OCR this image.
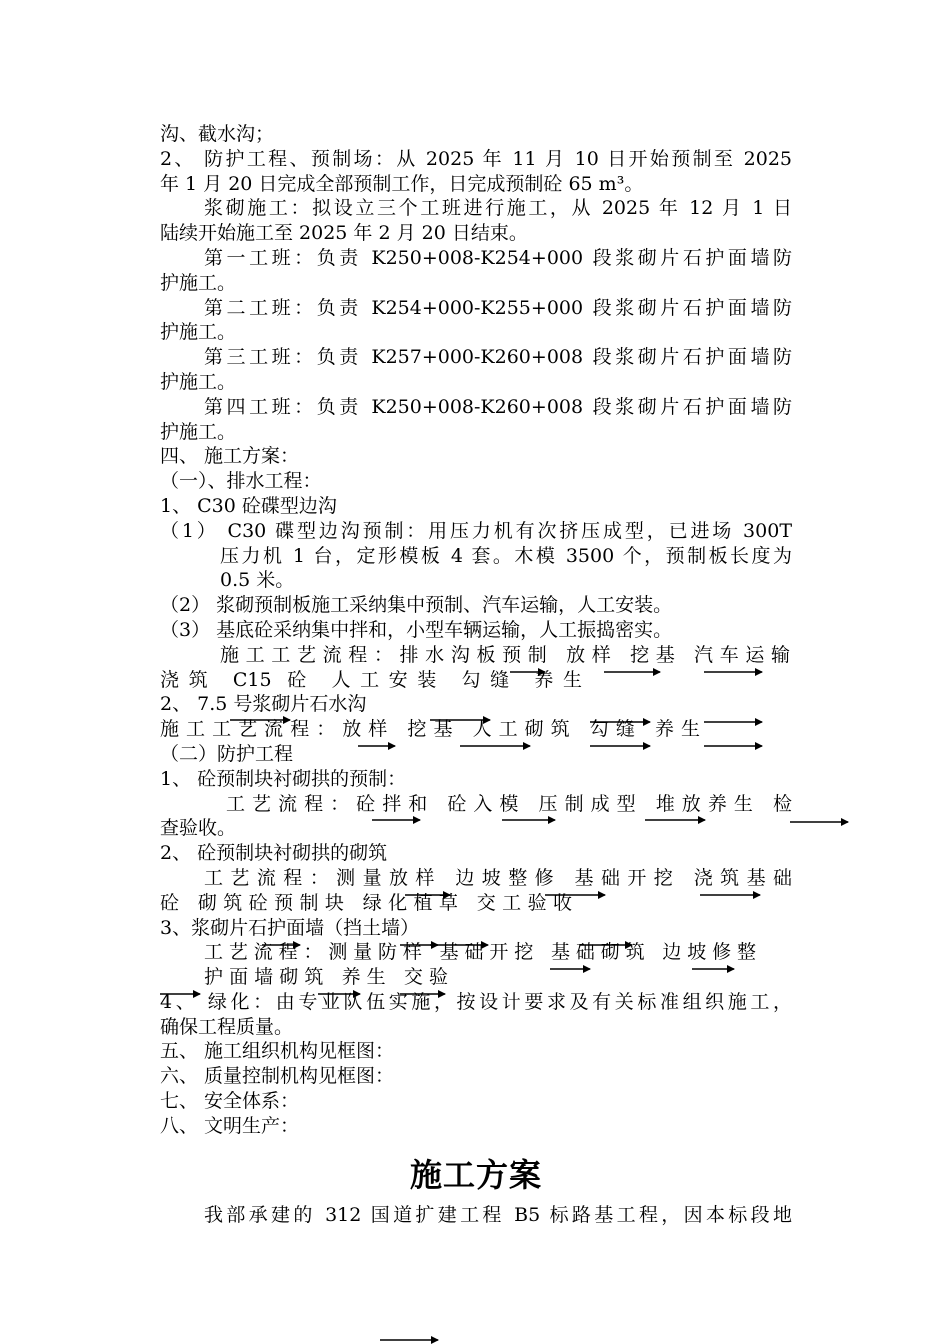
沟、截水沟；
2、 防护工程、预制场：从 2025 年 11 月 10 日开始预制至 2025
年 1 月 20 日完成全部预制工作，日完成预制砼 65 m³。
浆砌施工：拟设立三个工班进行施工，从 2025 年 12 月 1 日
陆续开始施工至 2025 年 2 月 20 日结束。
第一工班：负责 K250+008-K254+000 段浆砌片石护面墙防
护施工。
第二工班：负责 K254+000-K255+000 段浆砌片石护面墙防
护施工。
第三工班：负责 K257+000-K260+008 段浆砌片石护面墙防
护施工。
第四工班：负责 K250+008-K260+008 段浆砌片石护面墙防
护施工。
四、 施工方案：
（一）、排水工程：
1、 C30 砼碟型边沟
（1） C30 碟型边沟预制：用压力机有次挤压成型，已进场 300T
压力机 1 台，定形模板 4 套。木模 3500 个，预制板长度为
0.5 米。
（2） 浆砌预制板施工采纳集中预制、汽车运输，人工安装。
（3） 基底砼采纳集中拌和，小型车辆运输，人工振捣密实。
施工工艺流程：排水沟板预制 放样 挖基 汽车运输
浇筑 C15 砼 人工安装 勾缝 养生
2、 7.5 号浆砌片石水沟
施工工艺流程：放样 挖基 人工砌筑 勾缝 养生
（二）防护工程
1、 砼预制块衬砌拱的预制：
工艺流程：砼拌和 砼入模 压制成型 堆放养生 检
查验收。
2、 砼预制块衬砌拱的砌筑
工艺流程：测量放样 边坡整修 基础开挖 浇筑基础
砼 砌筑砼预制块 绿化植草 交工验收
3、浆砌片石护面墙（挡土墙）
工艺流程：测量防样 基础开挖 基础砌筑 边坡修整
护面墙砌筑 养生 交验
4、 绿化：由专业队伍实施，按设计要求及有关标准组织施工，
确保工程质量。
五、 施工组织机构见框图：
六、 质量控制机构见框图：
七、 安全体系：
八、 文明生产：
施工方案
我部承建的 312 国道扩建工程 B5 标路基工程，因本标段地
